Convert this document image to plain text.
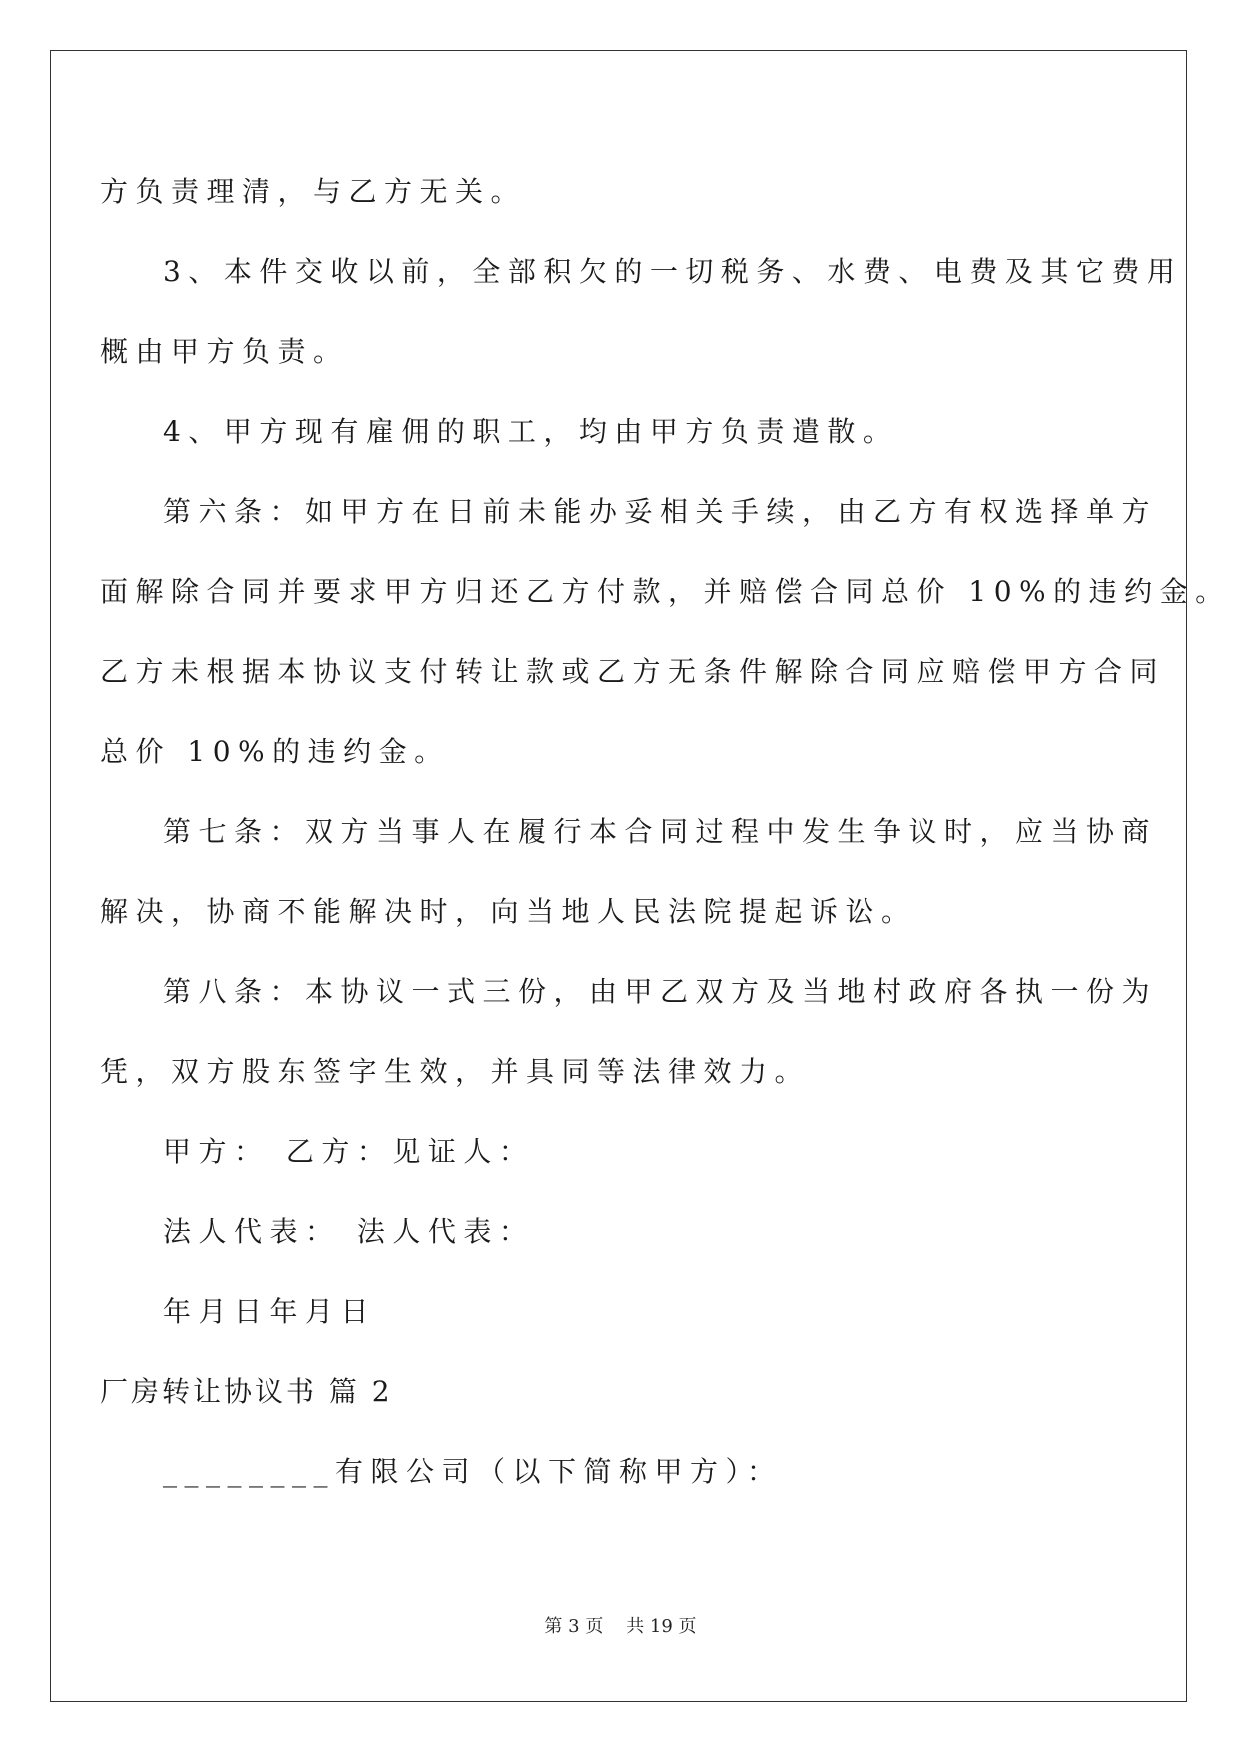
方负责理清，与乙方无关。
3、本件交收以前，全部积欠的一切税务、水费、电费及其它费用
概由甲方负责。
4、甲方现有雇佣的职工，均由甲方负责遣散。
第六条：如甲方在日前未能办妥相关手续，由乙方有权选择单方
面解除合同并要求甲方归还乙方付款，并赔偿合同总价 10%的违约金。
乙方未根据本协议支付转让款或乙方无条件解除合同应赔偿甲方合同
总价 10%的违约金。
第七条：双方当事人在履行本合同过程中发生争议时，应当协商
解决，协商不能解决时，向当地人民法院提起诉讼。
第八条：本协议一式三份，由甲乙双方及当地村政府各执一份为
凭，双方股东签字生效，并具同等法律效力。
甲方： 乙方：见证人：
法人代表： 法人代表：
年月日年月日
厂房转让协议书 篇 2
________有限公司（以下简称甲方）：
第 3 页    共 19 页
